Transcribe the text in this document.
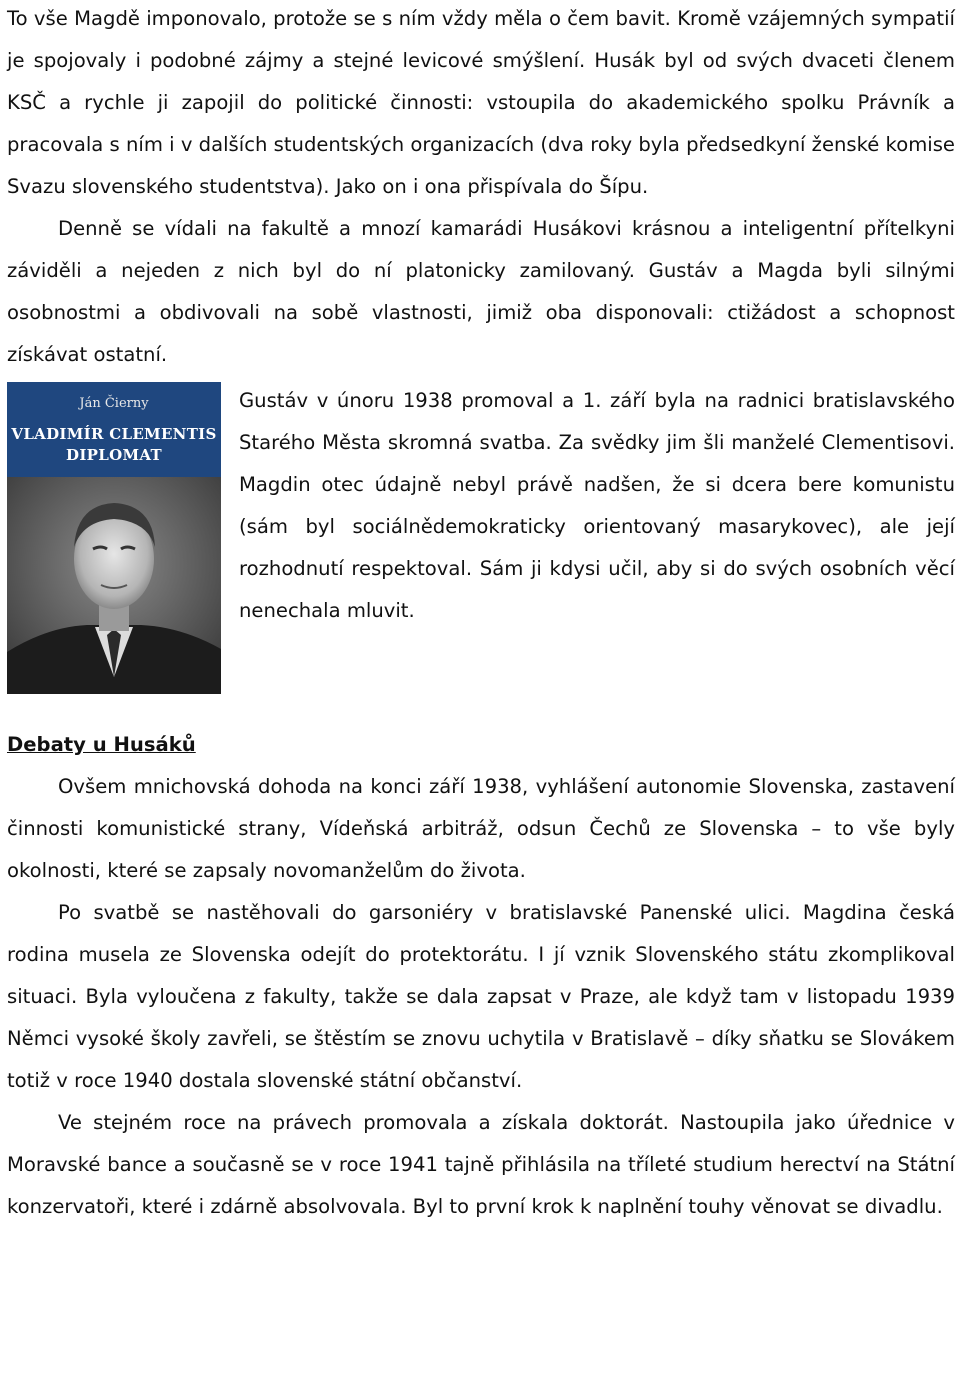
To vše Magdě imponovalo, protože se s ním vždy měla o čem bavit. Kromě vzájemných sympatií je spojovaly i podobné zájmy a stejné levicové smýšlení. Husák byl od svých dvaceti členem KSČ a rychle ji zapojil do politické činnosti: vstoupila do akademického spolku Právník a pracovala s ním i v dalších studentských organizacích (dva roky byla předsedkyní ženské komise Svazu slovenského studentstva). Jako on i ona přispívala do Šípu.

Denně se vídali na fakultě a mnozí kamarádi Husákovi krásnou a inteligentní přítelkyni záviděli a nejeden z nich byl do ní platonicky zamilovaný. Gustáv a Magda byli silnými osobnostmi a obdivovali na sobě vlastnosti, jimiž oba disponovali: ctižádost a schopnost získávat ostatní.

Ján Čierny
VLADIMÍR CLEMENTIS
DIPLOMAT

Gustáv v únoru 1938 promoval a 1. září byla na radnici bratislavského Starého Města skromná svatba. Za svědky jim šli manželé Clementisovi. Magdin otec údajně nebyl právě nadšen, že si dcera bere komunistu (sám byl sociálnědemokraticky orientovaný masarykovec), ale její rozhodnutí respektoval. Sám ji kdysi učil, aby si do svých osobních věcí nenechala mluvit.

Debaty u Husáků

Ovšem mnichovská dohoda na konci září 1938, vyhlášení autonomie Slovenska, zastavení činnosti komunistické strany, Vídeňská arbitráž, odsun Čechů ze Slovenska – to vše byly okolnosti, které se zapsaly novomanželům do života.

Po svatbě se nastěhovali do garsoniéry v bratislavské Panenské ulici. Magdina česká rodina musela ze Slovenska odejít do protektorátu. I jí vznik Slovenského státu zkomplikoval situaci. Byla vyloučena z fakulty, takže se dala zapsat v Praze, ale když tam v listopadu 1939 Němci vysoké školy zavřeli, se štěstím se znovu uchytila v Bratislavě – díky sňatku se Slovákem totiž v roce 1940 dostala slovenské státní občanství.

Ve stejném roce na právech promovala a získala doktorát. Nastoupila jako úřednice v Moravské bance a současně se v roce 1941 tajně přihlásila na tříleté studium herectví na Státní konzervatoři, které i zdárně absolvovala. Byl to první krok k naplnění touhy věnovat se divadlu.
